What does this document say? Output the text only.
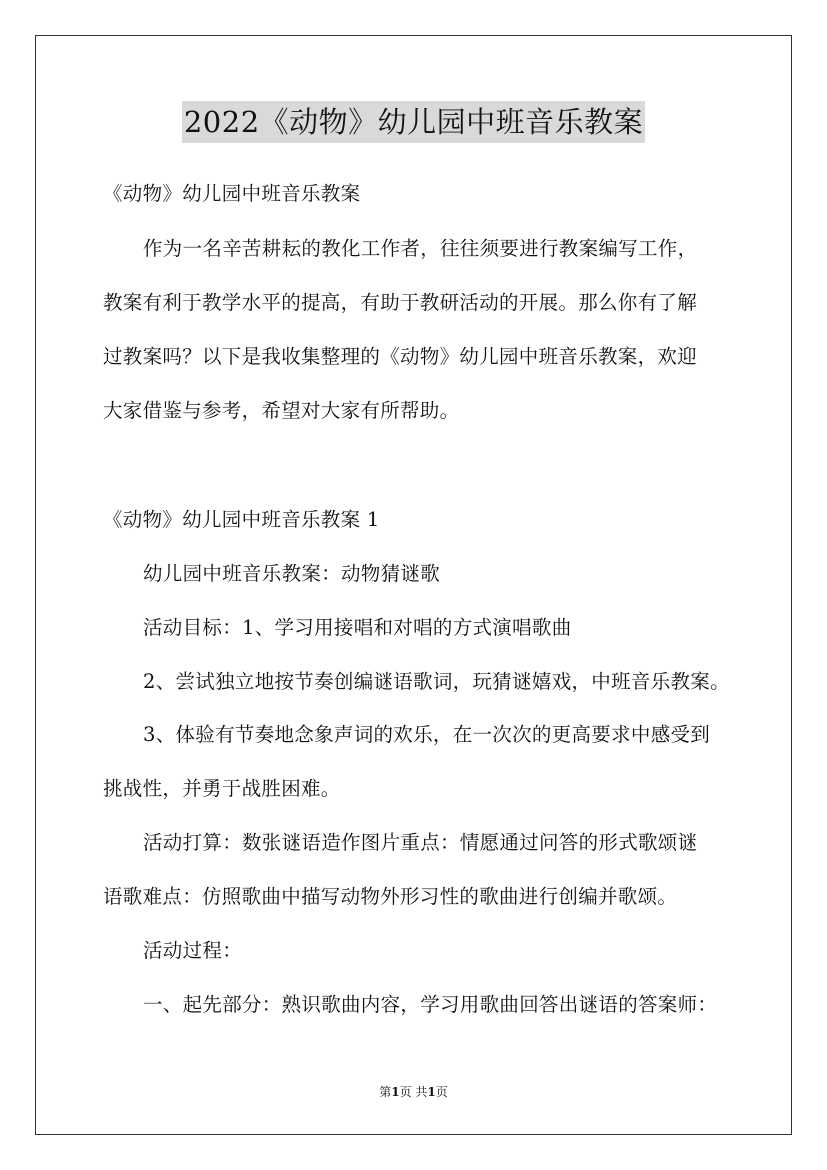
2022《动物》幼儿园中班音乐教案
《动物》幼儿园中班音乐教案
作为一名辛苦耕耘的教化工作者，往往须要进行教案编写工作，
教案有利于教学水平的提高，有助于教研活动的开展。那么你有了解
过教案吗？以下是我收集整理的《动物》幼儿园中班音乐教案，欢迎
大家借鉴与参考，希望对大家有所帮助。
《动物》幼儿园中班音乐教案 1
幼儿园中班音乐教案：动物猜谜歌
活动目标：1、学习用接唱和对唱的方式演唱歌曲
2、尝试独立地按节奏创编谜语歌词，玩猜谜嬉戏，中班音乐教案。
3、体验有节奏地念象声词的欢乐，在一次次的更高要求中感受到
挑战性，并勇于战胜困难。
活动打算：数张谜语造作图片重点：情愿通过问答的形式歌颂谜
语歌难点：仿照歌曲中描写动物外形习性的歌曲进行创编并歌颂。
活动过程：
一、起先部分：熟识歌曲内容，学习用歌曲回答出谜语的答案师：
第1页 共1页
